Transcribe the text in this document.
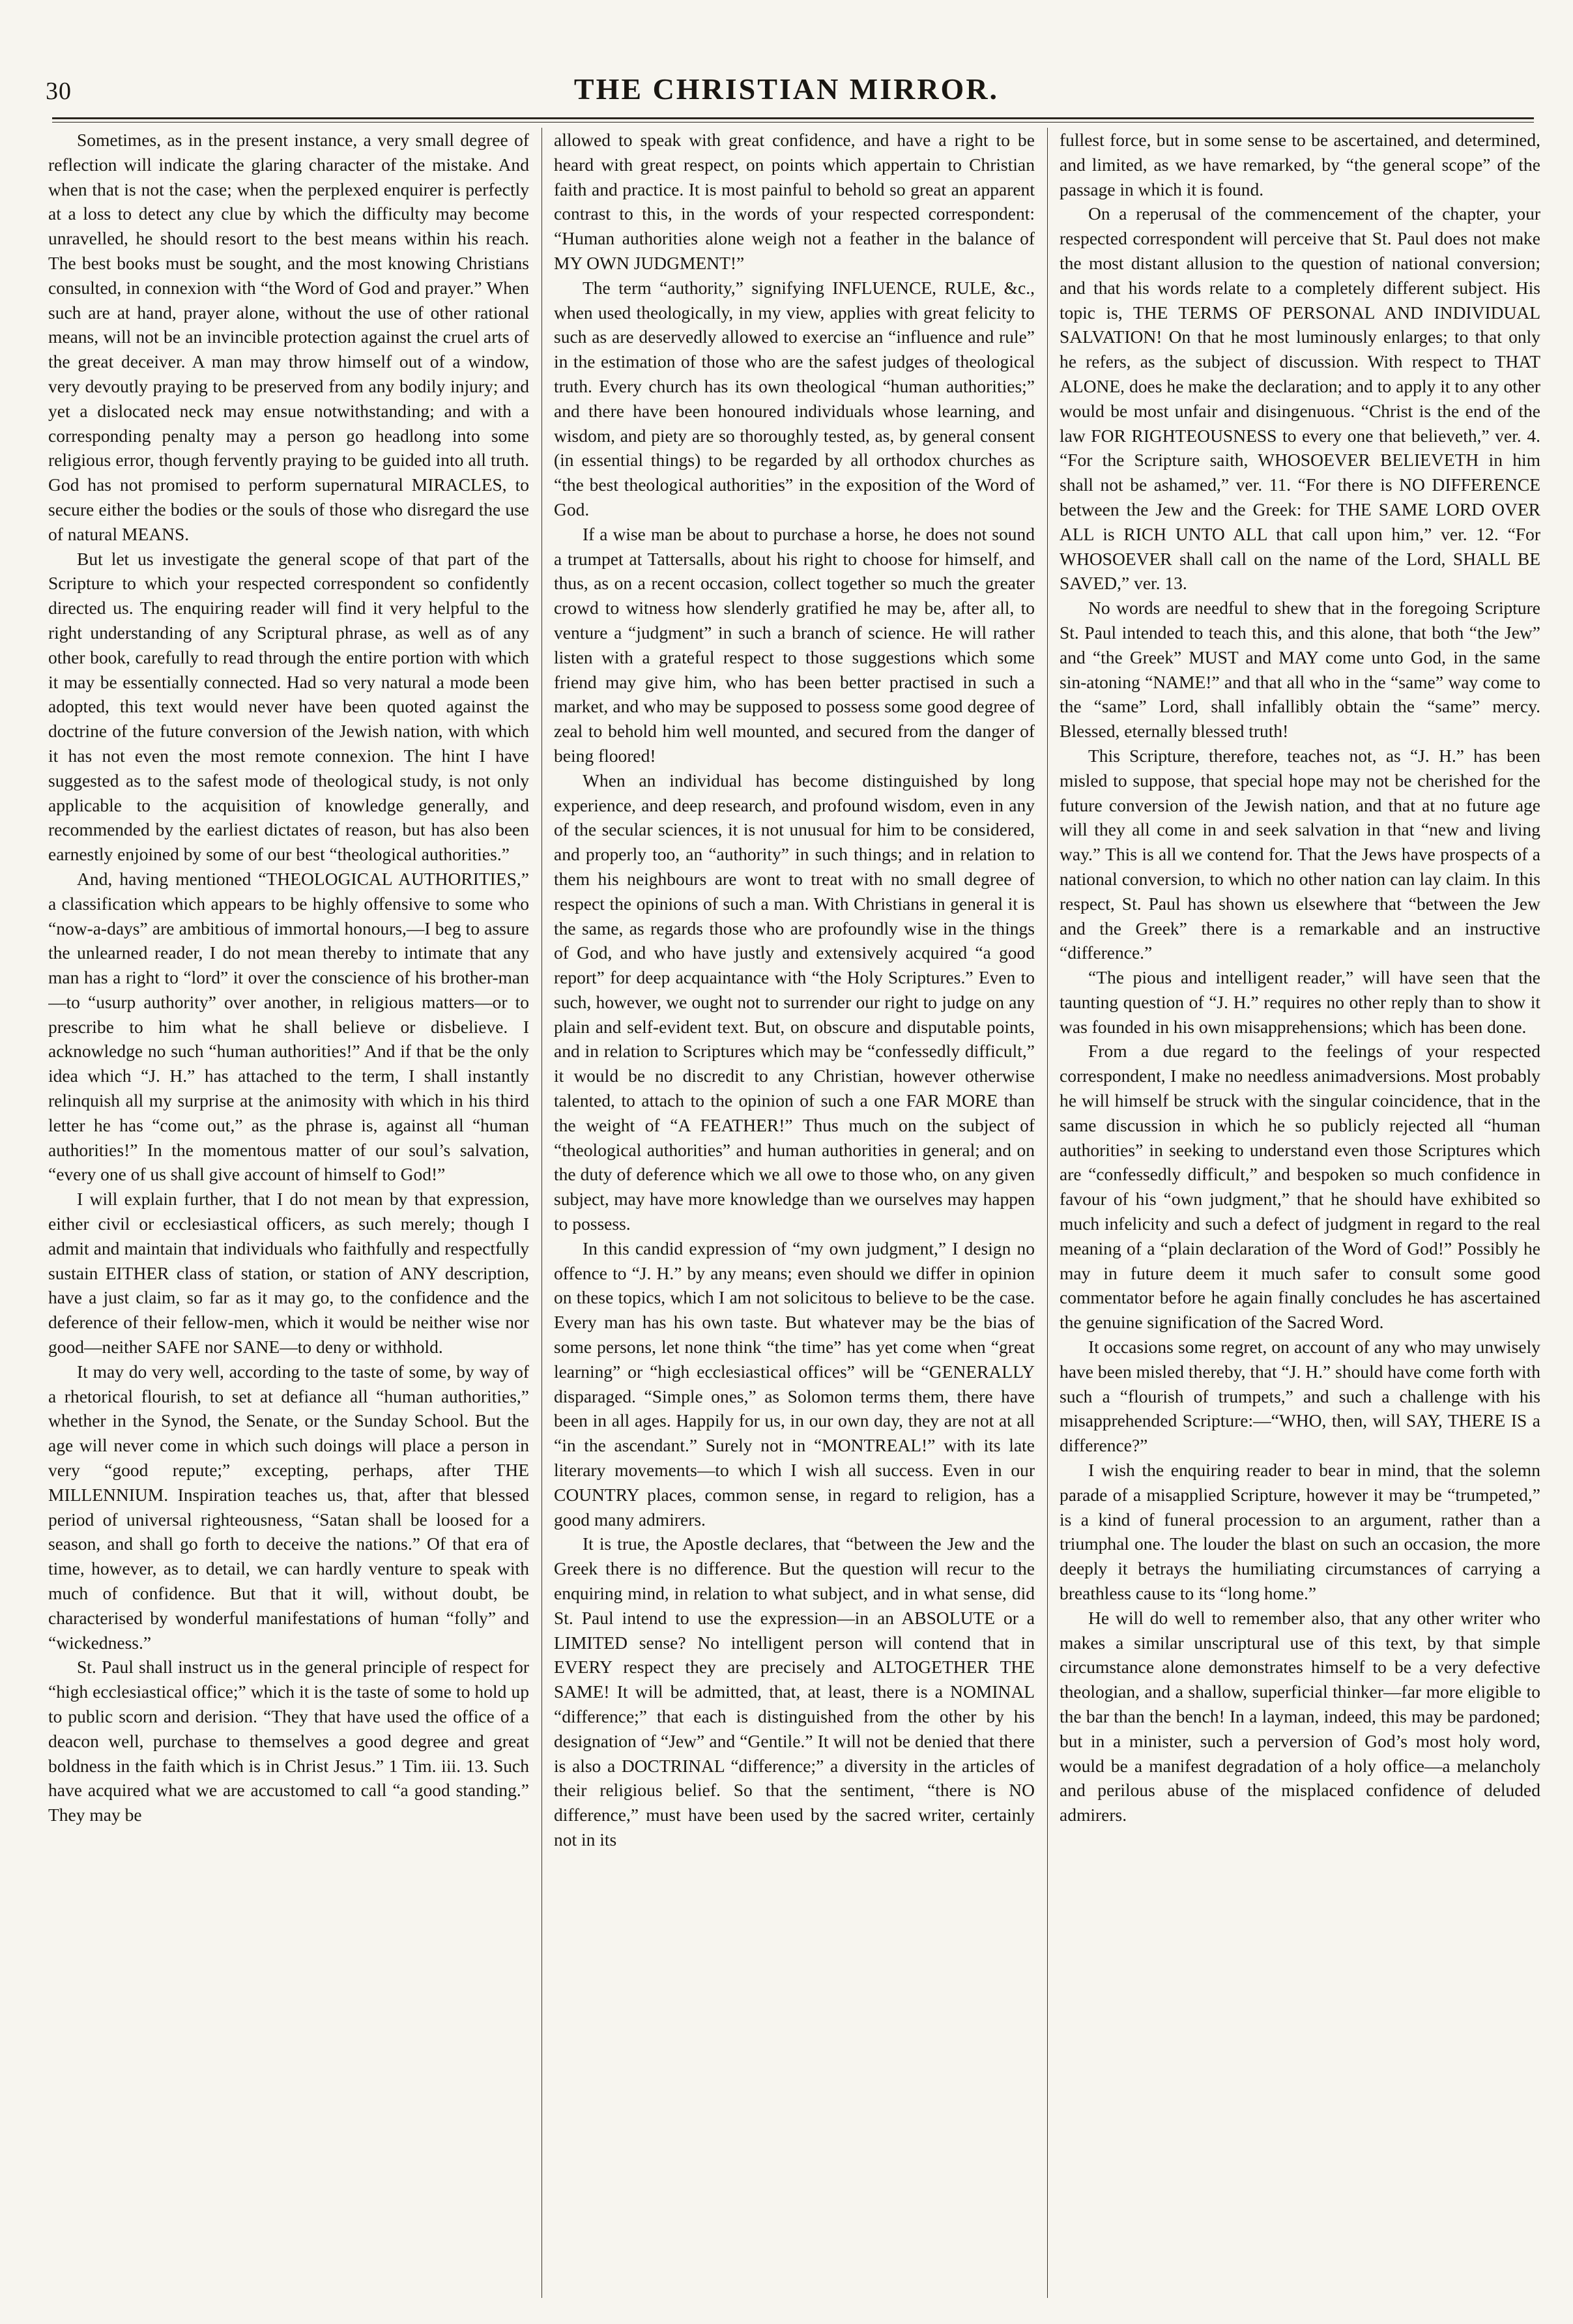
30	THE CHRISTIAN MIRROR.

Sometimes, as in the present instance, a very small degree of reflection will indicate the glaring character of the mistake. And when that is not the case; when the perplexed enquirer is perfectly at a loss to detect any clue by which the difficulty may become unravelled, he should resort to the best means within his reach. The best books must be sought, and the most knowing Christians consulted, in connexion with “the Word of God and prayer.” When such are at hand, prayer alone, without the use of other rational means, will not be an invincible protection against the cruel arts of the great deceiver. A man may throw himself out of a window, very devoutly praying to be preserved from any bodily injury; and yet a dislocated neck may ensue notwithstanding; and with a corresponding penalty may a person go headlong into some religious error, though fervently praying to be guided into all truth. God has not promised to perform supernatural MIRACLES, to secure either the bodies or the souls of those who disregard the use of natural MEANS.

But let us investigate the general scope of that part of the Scripture to which your respected correspondent so confidently directed us. The enquiring reader will find it very helpful to the right understanding of any Scriptural phrase, as well as of any other book, carefully to read through the entire portion with which it may be essentially connected. Had so very natural a mode been adopted, this text would never have been quoted against the doctrine of the future conversion of the Jewish nation, with which it has not even the most remote connexion. The hint I have suggested as to the safest mode of theological study, is not only applicable to the acquisition of knowledge generally, and recommended by the earliest dictates of reason, but has also been earnestly enjoined by some of our best “theological authorities.”

And, having mentioned “THEOLOGICAL AUTHORITIES,” a classification which appears to be highly offensive to some who “now-a-days” are ambitious of immortal honours,—I beg to assure the unlearned reader, I do not mean thereby to intimate that any man has a right to “lord” it over the conscience of his brother-man—to “usurp authority” over another, in religious matters—or to prescribe to him what he shall believe or disbelieve. I acknowledge no such “human authorities!” And if that be the only idea which “J. H.” has attached to the term, I shall instantly relinquish all my surprise at the animosity with which in his third letter he has “come out,” as the phrase is, against all “human authorities!” In the momentous matter of our soul’s salvation, “every one of us shall give account of himself to God!”

I will explain further, that I do not mean by that expression, either civil or ecclesiastical officers, as such merely; though I admit and maintain that individuals who faithfully and respectfully sustain EITHER class of station, or station of ANY description, have a just claim, so far as it may go, to the confidence and the deference of their fellow-men, which it would be neither wise nor good—neither SAFE nor SANE—to deny or withhold.

It may do very well, according to the taste of some, by way of a rhetorical flourish, to set at defiance all “human authorities,” whether in the Synod, the Senate, or the Sunday School. But the age will never come in which such doings will place a person in very “good repute;” excepting, perhaps, after THE MILLENNIUM. Inspiration teaches us, that, after that blessed period of universal righteousness, “Satan shall be loosed for a season, and shall go forth to deceive the nations.” Of that era of time, however, as to detail, we can hardly venture to speak with much of confidence. But that it will, without doubt, be characterised by wonderful manifestations of human “folly” and “wickedness.”

St. Paul shall instruct us in the general principle of respect for “high ecclesiastical office;” which it is the taste of some to hold up to public scorn and derision. “They that have used the office of a deacon well, purchase to themselves a good degree and great boldness in the faith which is in Christ Jesus.” 1 Tim. iii. 13. Such have acquired what we are accustomed to call “a good standing.” They may be

allowed to speak with great confidence, and have a right to be heard with great respect, on points which appertain to Christian faith and practice. It is most painful to behold so great an apparent contrast to this, in the words of your respected correspondent: “Human authorities alone weigh not a feather in the balance of MY OWN JUDGMENT!”

The term “authority,” signifying INFLUENCE, RULE, &c., when used theologically, in my view, applies with great felicity to such as are deservedly allowed to exercise an “influence and rule” in the estimation of those who are the safest judges of theological truth. Every church has its own theological “human authorities;” and there have been honoured individuals whose learning, and wisdom, and piety are so thoroughly tested, as, by general consent (in essential things) to be regarded by all orthodox churches as “the best theological authorities” in the exposition of the Word of God.

If a wise man be about to purchase a horse, he does not sound a trumpet at Tattersalls, about his right to choose for himself, and thus, as on a recent occasion, collect together so much the greater crowd to witness how slenderly gratified he may be, after all, to venture a “judgment” in such a branch of science. He will rather listen with a grateful respect to those suggestions which some friend may give him, who has been better practised in such a market, and who may be supposed to possess some good degree of zeal to behold him well mounted, and secured from the danger of being floored!

When an individual has become distinguished by long experience, and deep research, and profound wisdom, even in any of the secular sciences, it is not unusual for him to be considered, and properly too, an “authority” in such things; and in relation to them his neighbours are wont to treat with no small degree of respect the opinions of such a man. With Christians in general it is the same, as regards those who are profoundly wise in the things of God, and who have justly and extensively acquired “a good report” for deep acquaintance with “the Holy Scriptures.” Even to such, however, we ought not to surrender our right to judge on any plain and self-evident text. But, on obscure and disputable points, and in relation to Scriptures which may be “confessedly difficult,” it would be no discredit to any Christian, however otherwise talented, to attach to the opinion of such a one FAR MORE than the weight of “A FEATHER!” Thus much on the subject of “theological authorities” and human authorities in general; and on the duty of deference which we all owe to those who, on any given subject, may have more knowledge than we ourselves may happen to possess.

In this candid expression of “my own judgment,” I design no offence to “J. H.” by any means; even should we differ in opinion on these topics, which I am not solicitous to believe to be the case. Every man has his own taste. But whatever may be the bias of some persons, let none think “the time” has yet come when “great learning” or “high ecclesiastical offices” will be “GENERALLY disparaged. “Simple ones,” as Solomon terms them, there have been in all ages. Happily for us, in our own day, they are not at all “in the ascendant.” Surely not in “MONTREAL!” with its late literary movements—to which I wish all success. Even in our COUNTRY places, common sense, in regard to religion, has a good many admirers.

It is true, the Apostle declares, that “between the Jew and the Greek there is no difference. But the question will recur to the enquiring mind, in relation to what subject, and in what sense, did St. Paul intend to use the expression—in an ABSOLUTE or a LIMITED sense? No intelligent person will contend that in EVERY respect they are precisely and ALTOGETHER THE SAME! It will be admitted, that, at least, there is a NOMINAL “difference;” that each is distinguished from the other by his designation of “Jew” and “Gentile.” It will not be denied that there is also a DOCTRINAL “difference;” a diversity in the articles of their religious belief. So that the sentiment, “there is NO difference,” must have been used by the sacred writer, certainly not in its

fullest force, but in some sense to be ascertained, and determined, and limited, as we have remarked, by “the general scope” of the passage in which it is found.

On a reperusal of the commencement of the chapter, your respected correspondent will perceive that St. Paul does not make the most distant allusion to the question of national conversion; and that his words relate to a completely different subject. His topic is, THE TERMS OF PERSONAL AND INDIVIDUAL SALVATION! On that he most luminously enlarges; to that only he refers, as the subject of discussion. With respect to THAT ALONE, does he make the declaration; and to apply it to any other would be most unfair and disingenuous. “Christ is the end of the law FOR RIGHTEOUSNESS to every one that believeth,” ver. 4. “For the Scripture saith, WHOSOEVER BELIEVETH in him shall not be ashamed,” ver. 11. “For there is NO DIFFERENCE between the Jew and the Greek: for THE SAME LORD OVER ALL is RICH UNTO ALL that call upon him,” ver. 12. “For WHOSOEVER shall call on the name of the Lord, SHALL BE SAVED,” ver. 13.

No words are needful to shew that in the foregoing Scripture St. Paul intended to teach this, and this alone, that both “the Jew” and “the Greek” MUST and MAY come unto God, in the same sin-atoning “NAME!” and that all who in the “same” way come to the “same” Lord, shall infallibly obtain the “same” mercy. Blessed, eternally blessed truth!

This Scripture, therefore, teaches not, as “J. H.” has been misled to suppose, that special hope may not be cherished for the future conversion of the Jewish nation, and that at no future age will they all come in and seek salvation in that “new and living way.” This is all we contend for. That the Jews have prospects of a national conversion, to which no other nation can lay claim. In this respect, St. Paul has shown us elsewhere that “between the Jew and the Greek” there is a remarkable and an instructive “difference.”

“The pious and intelligent reader,” will have seen that the taunting question of “J. H.” requires no other reply than to show it was founded in his own misapprehensions; which has been done.

From a due regard to the feelings of your respected correspondent, I make no needless animadversions. Most probably he will himself be struck with the singular coincidence, that in the same discussion in which he so publicly rejected all “human authorities” in seeking to understand even those Scriptures which are “confessedly difficult,” and bespoken so much confidence in favour of his “own judgment,” that he should have exhibited so much infelicity and such a defect of judgment in regard to the real meaning of a “plain declaration of the Word of God!” Possibly he may in future deem it much safer to consult some good commentator before he again finally concludes he has ascertained the genuine signification of the Sacred Word.

It occasions some regret, on account of any who may unwisely have been misled thereby, that “J. H.” should have come forth with such a “flourish of trumpets,” and such a challenge with his misapprehended Scripture:—“WHO, then, will SAY, THERE IS a difference?”

I wish the enquiring reader to bear in mind, that the solemn parade of a misapplied Scripture, however it may be “trumpeted,” is a kind of funeral procession to an argument, rather than a triumphal one. The louder the blast on such an occasion, the more deeply it betrays the humiliating circumstances of carrying a breathless cause to its “long home.”

He will do well to remember also, that any other writer who makes a similar unscriptural use of this text, by that simple circumstance alone demonstrates himself to be a very defective theologian, and a shallow, superficial thinker—far more eligible to the bar than the bench! In a layman, indeed, this may be pardoned; but in a minister, such a perversion of God’s most holy word, would be a manifest degradation of a holy office—a melancholy and perilous abuse of the misplaced confidence of deluded admirers.
